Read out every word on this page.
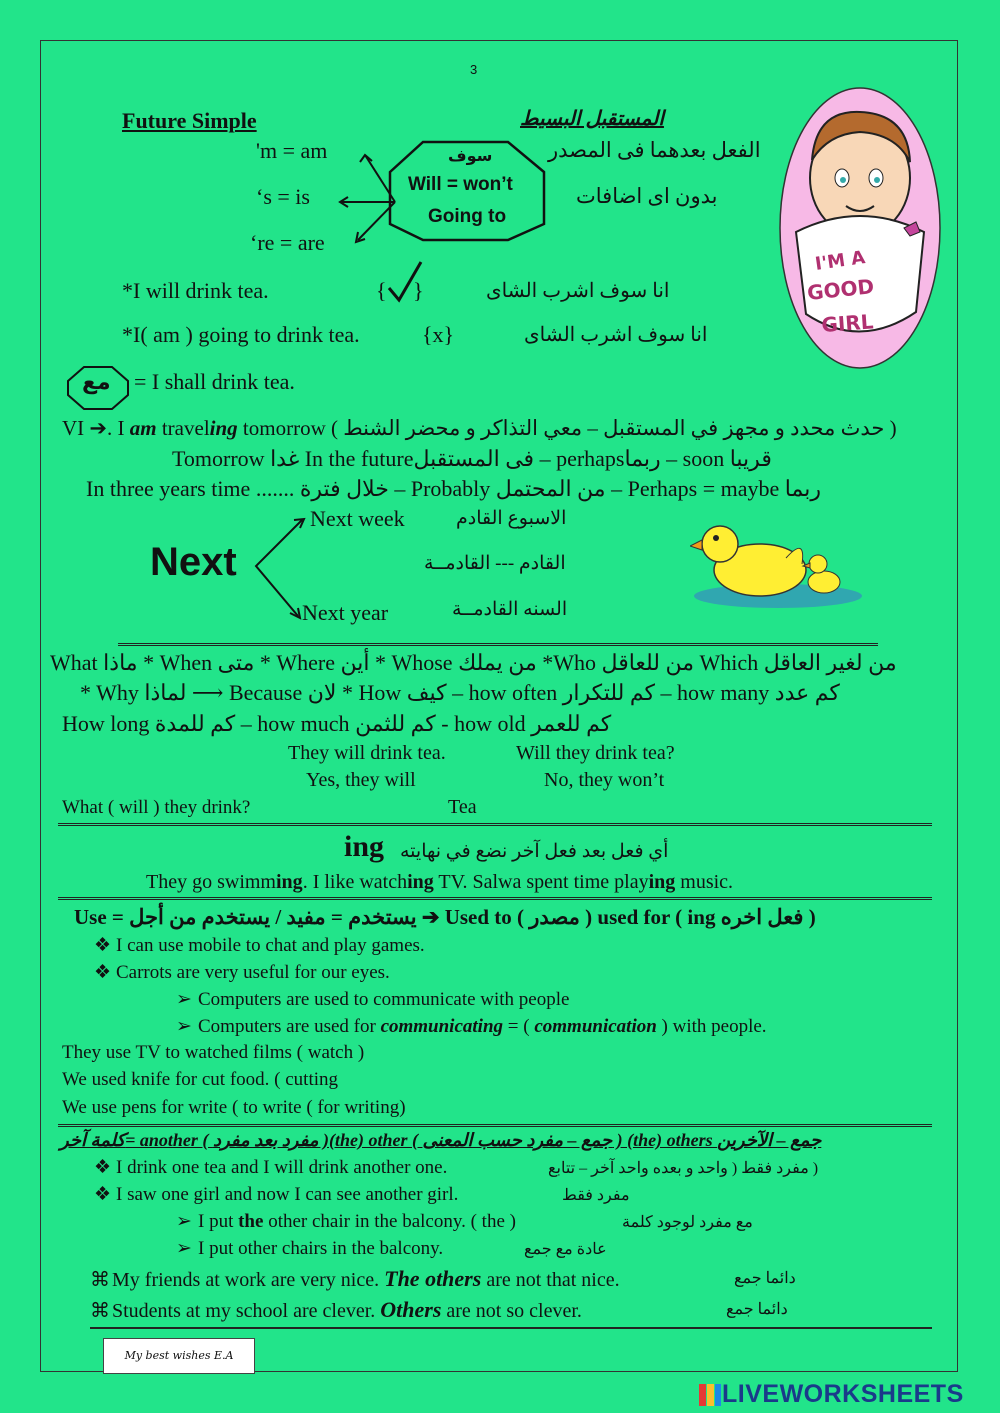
3
Future Simple	المستقبل البسيط
'm = am
‘s = is
‘re = are
سوف
Will = won’t
Going to
الفعل بعدهما فى المصدر
بدون اى اضافات
*I will drink tea.	{ }	انا سوف اشرب الشاى
*I( am ) going to drink tea.	{x}	انا سوف اشرب الشاى
مع = I shall drink tea.
VI ➔. I am traveling tomorrow ( حدث محدد و مجهز في المستقبل – معي التذاكر و محضر الشنط )
Tomorrow غدا In the futureفى المستقبل – perhapsربما – soon قريبا
In three years time ....... خلال فترة – Probably من المحتمل – Perhaps = maybe ربما
Next
Next week	الاسبوع القادم
القادم --- القادمــة
Next year	السنه القادمــة
I'M A
GOOD
GIRL
What ماذا * When متى * Where أين * Whose من يملك *Who من للعاقل Which من لغير العاقل
* Why لماذا ⟶ Because لان * How كيف – how often كم للتكرار – how many كم عدد
How long كم للمدة – how much كم للثمن - how old كم للعمر
They will drink tea.	Will they drink tea?
Yes, they will	No, they won’t
What ( will ) they drink?	Tea
ing أي فعل بعد فعل آخر نضع في نهايته
They go swimming. I like watching TV. Salwa spent time playing music.
Use = يستخدم = مفيد / يستخدم من أجل ➔ Used to ( مصدر ) used for ( ing فعل اخره )
❖ I can use mobile to chat and play games.
❖ Carrots are very useful for our eyes.
➢ Computers are used to communicate with people
➢ Computers are used for communicating = ( communication ) with people.
They use TV to watched films ( watch )
We used knife for cut food. ( cutting
We use pens for write ( to write ( for writing)
كلمة آخر= another ( مفرد بعد مفرد )(the) other ( جمع – مفرد حسب المعنى ) (the) others جمع – الآخرين
❖ I drink one tea and I will drink another one.	( مفرد فقط ( واحد و بعده واحد آخر – تتابع
❖ I saw one girl and now I can see another girl.	مفرد فقط
➢ I put the other chair in the balcony. ( the )	مع مفرد لوجود كلمة
➢ I put other chairs in the balcony.	عادة مع جمع
⌘ My friends at work are very nice. The others are not that nice.	دائما جمع
⌘ Students at my school are clever. Others are not so clever.	دائما جمع
My best wishes E.A
LIVEWORKSHEETS
